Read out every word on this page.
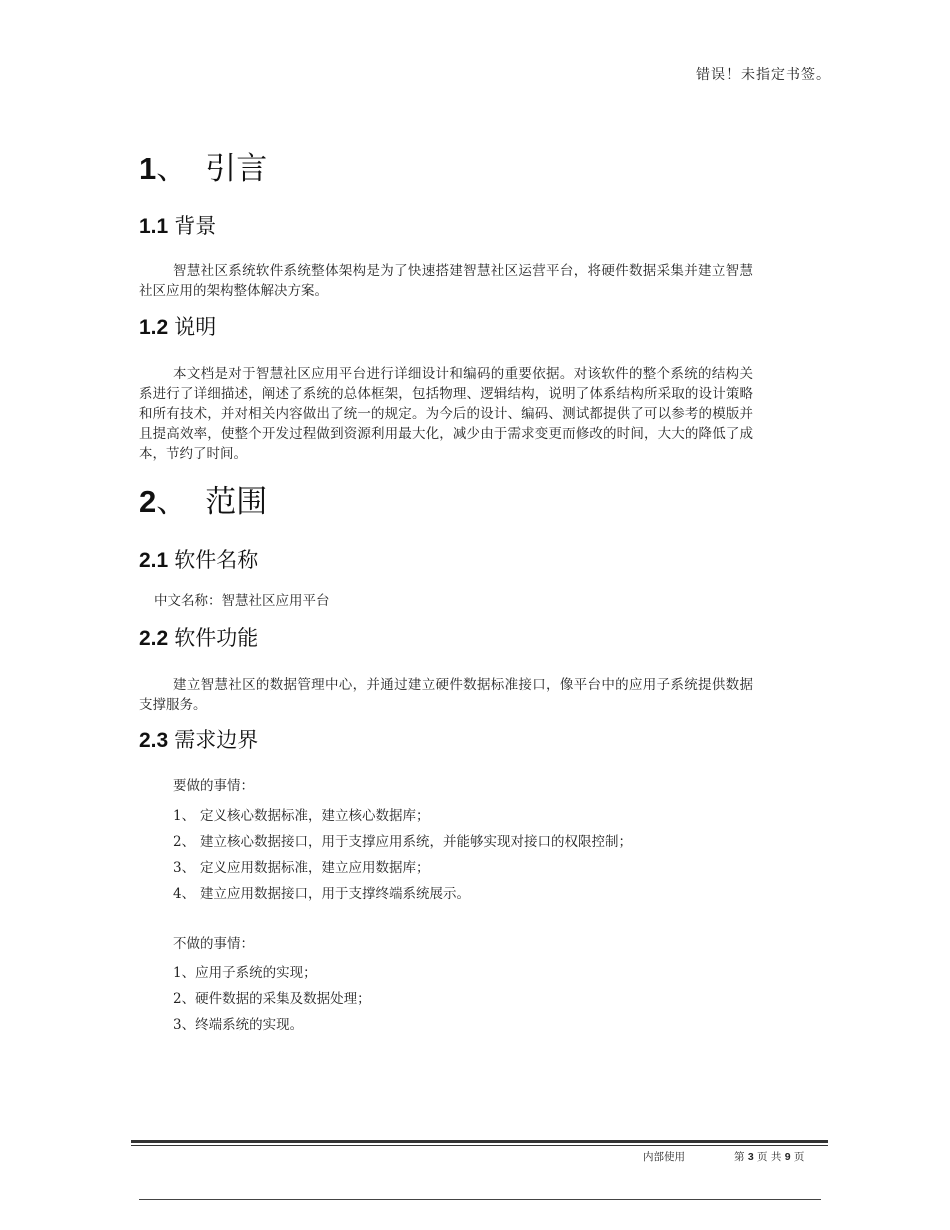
错误！未指定书签。
1、 引言
1.1 背景

智慧社区系统软件系统整体架构是为了快速搭建智慧社区运营平台，将硬件数据采集并建立智慧社区应用的架构整体解决方案。

1.2 说明

本文档是对于智慧社区应用平台进行详细设计和编码的重要依据。对该软件的整个系统的结构关系进行了详细描述，阐述了系统的总体框架，包括物理、逻辑结构，说明了体系结构所采取的设计策略和所有技术，并对相关内容做出了统一的规定。为今后的设计、编码、测试都提供了可以参考的模版并且提高效率，使整个开发过程做到资源利用最大化，减少由于需求变更而修改的时间，大大的降低了成本，节约了时间。

2、 范围
2.1 软件名称
中文名称：智慧社区应用平台
2.2 软件功能

建立智慧社区的数据管理中心，并通过建立硬件数据标准接口，像平台中的应用子系统提供数据支撑服务。

2.3 需求边界
要做的事情：
1、 定义核心数据标准，建立核心数据库；
2、 建立核心数据接口，用于支撑应用系统，并能够实现对接口的权限控制；
3、 定义应用数据标准，建立应用数据库；
4、 建立应用数据接口，用于支撑终端系统展示。
不做的事情：
1、应用子系统的实现；
2、硬件数据的采集及数据处理；
3、终端系统的实现。
内部使用	第 3 页 共 9 页
